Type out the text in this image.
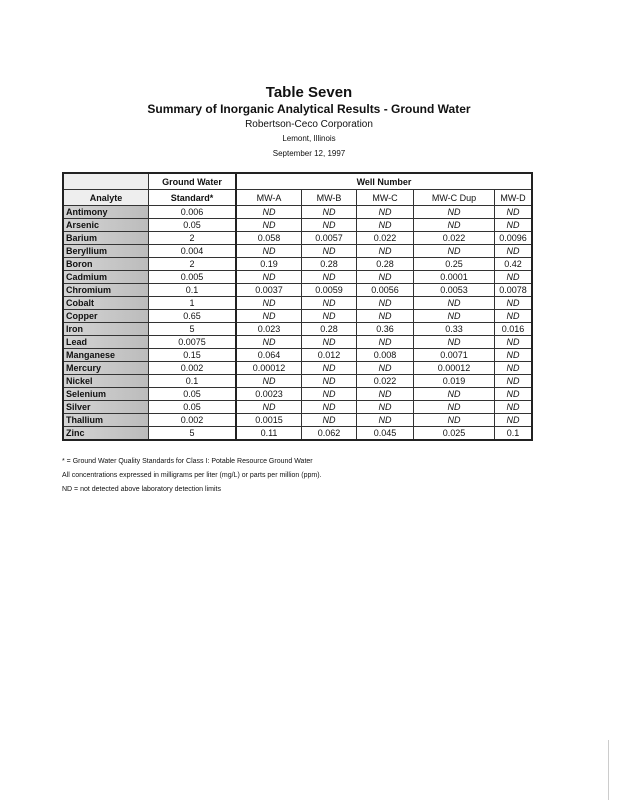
Table Seven
Summary of Inorganic Analytical Results - Ground Water
Robertson-Ceco Corporation
Lemont, Illinois
September 12, 1997
	Ground Water	Well Number				
Analyte	Standard*	MW-A	MW-B	MW-C	MW-C Dup	MW-D
Antimony	0.006	ND	ND	ND	ND	ND
Arsenic	0.05	ND	ND	ND	ND	ND
Barium	2	0.058	0.0057	0.022	0.022	0.0096
Beryllium	0.004	ND	ND	ND	ND	ND
Boron	2	0.19	0.28	0.28	0.25	0.42
Cadmium	0.005	ND	ND	ND	0.0001	ND
Chromium	0.1	0.0037	0.0059	0.0056	0.0053	0.0078
Cobalt	1	ND	ND	ND	ND	ND
Copper	0.65	ND	ND	ND	ND	ND
Iron	5	0.023	0.28	0.36	0.33	0.016
Lead	0.0075	ND	ND	ND	ND	ND
Manganese	0.15	0.064	0.012	0.008	0.0071	ND
Mercury	0.002	0.00012	ND	ND	0.00012	ND
Nickel	0.1	ND	ND	0.022	0.019	ND
Selenium	0.05	0.0023	ND	ND	ND	ND
Silver	0.05	ND	ND	ND	ND	ND
Thallium	0.002	0.0015	ND	ND	ND	ND
Zinc	5	0.11	0.062	0.045	0.025	0.1
* = Ground Water Quality Standards for Class I: Potable Resource Ground Water
All concentrations expressed in milligrams per liter (mg/L) or parts per million (ppm).
ND = not detected above laboratory detection limits
